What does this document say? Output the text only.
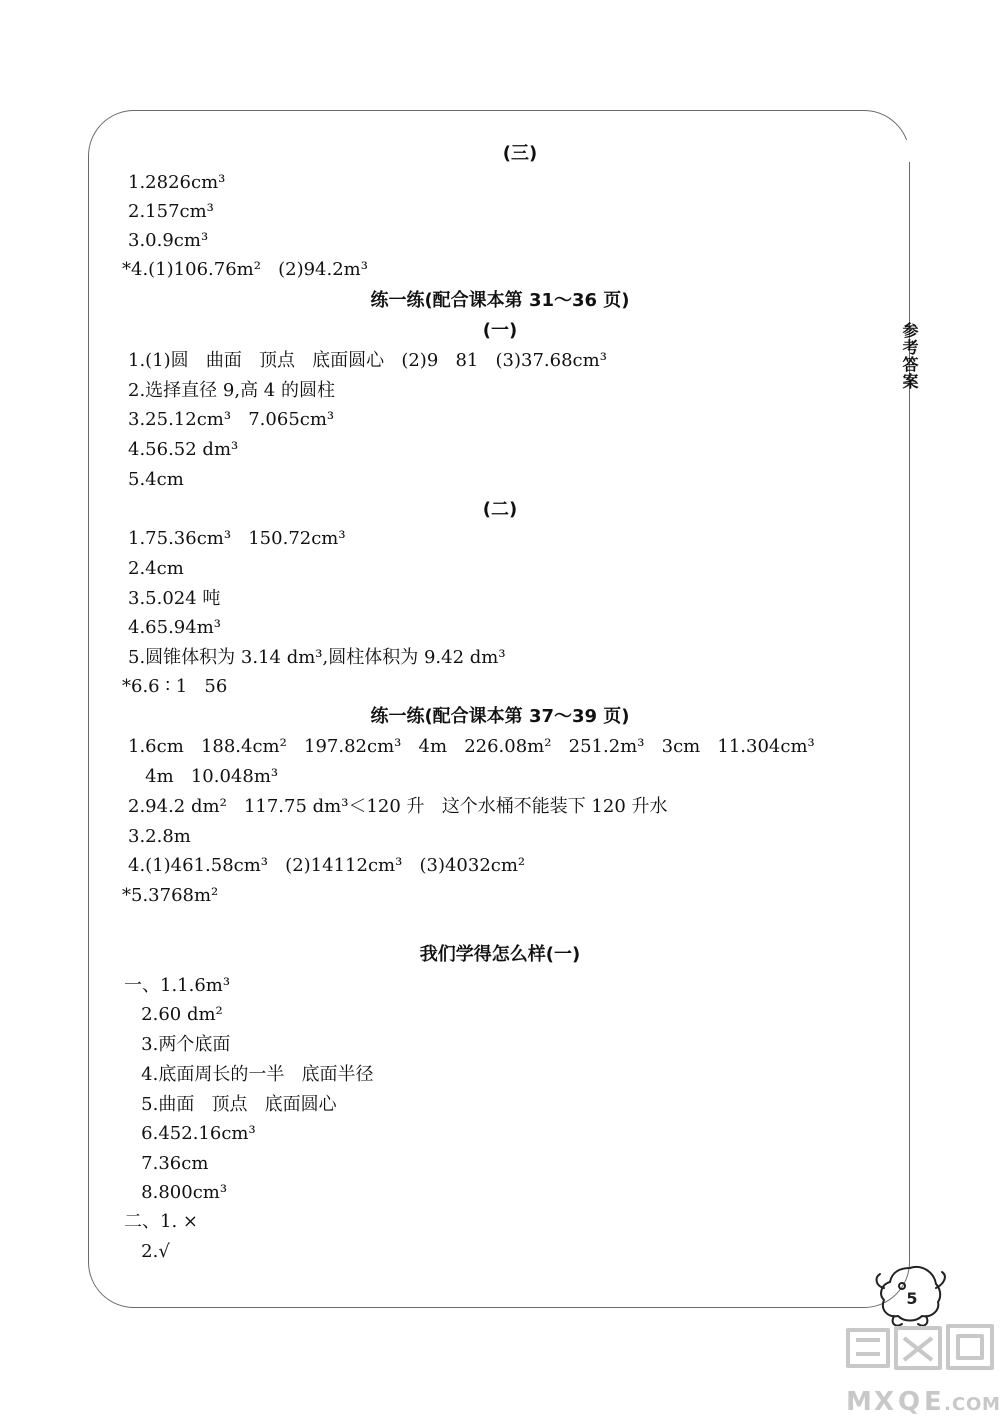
参考答案
(三)
1.2826cm³
2.157cm³
3.0.9cm³
*4.(1)106.76m²   (2)94.2m³
练一练(配合课本第 31～36 页)
(一)
1.(1)圆   曲面   顶点   底面圆心   (2)9   81   (3)37.68cm³
2.选择直径 9,高 4 的圆柱
3.25.12cm³   7.065cm³
4.56.52 dm³
5.4cm
(二)
1.75.36cm³   150.72cm³
2.4cm
3.5.024 吨
4.65.94m³
5.圆锥体积为 3.14 dm³,圆柱体积为 9.42 dm³
*6.6 ∶ 1   56
练一练(配合课本第 37～39 页)
1.6cm   188.4cm²   197.82cm³   4m   226.08m²   251.2m³   3cm   11.304cm³
4m   10.048m³
2.94.2 dm²   117.75 dm³＜120 升   这个水桶不能装下 120 升水
3.2.8m
4.(1)461.58cm³   (2)14112cm³   (3)4032cm²
*5.3768m²
我们学得怎么样(一)
一、1.1.6m³
2.60 dm²
3.两个底面
4.底面周长的一半   底面半径
5.曲面   顶点   底面圆心
6.452.16cm³
7.36cm
8.800cm³
二、1. ×
2.√
5
M X Q E . C O M
